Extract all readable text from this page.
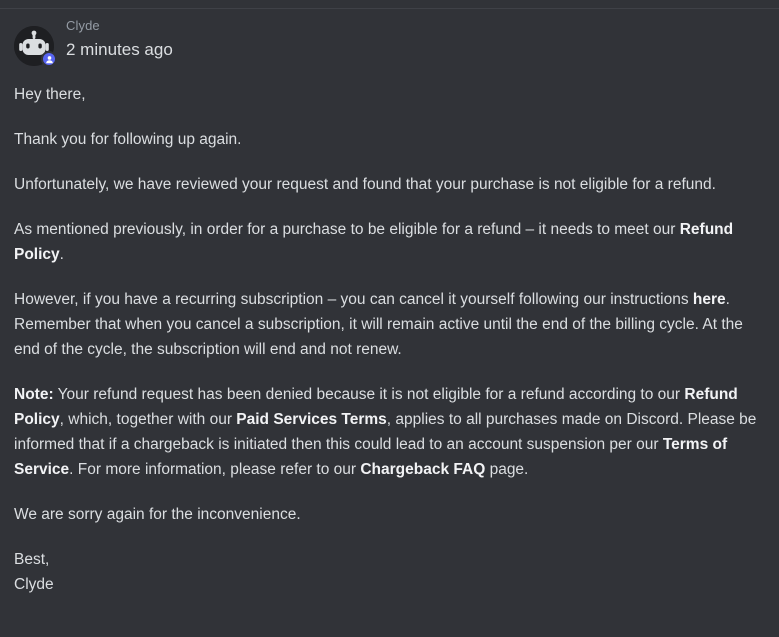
Clyde
2 minutes ago

Hey there,

Thank you for following up again.

Unfortunately, we have reviewed your request and found that your purchase is not eligible for a refund.

As mentioned previously, in order for a purchase to be eligible for a refund – it needs to meet our Refund Policy.

However, if you have a recurring subscription – you can cancel it yourself following our instructions here. Remember that when you cancel a subscription, it will remain active until the end of the billing cycle. At the end of the cycle, the subscription will end and not renew.

Note: Your refund request has been denied because it is not eligible for a refund according to our Refund Policy, which, together with our Paid Services Terms, applies to all purchases made on Discord. Please be informed that if a chargeback is initiated then this could lead to an account suspension per our Terms of Service. For more information, please refer to our Chargeback FAQ page.

We are sorry again for the inconvenience.

Best,

Clyde
